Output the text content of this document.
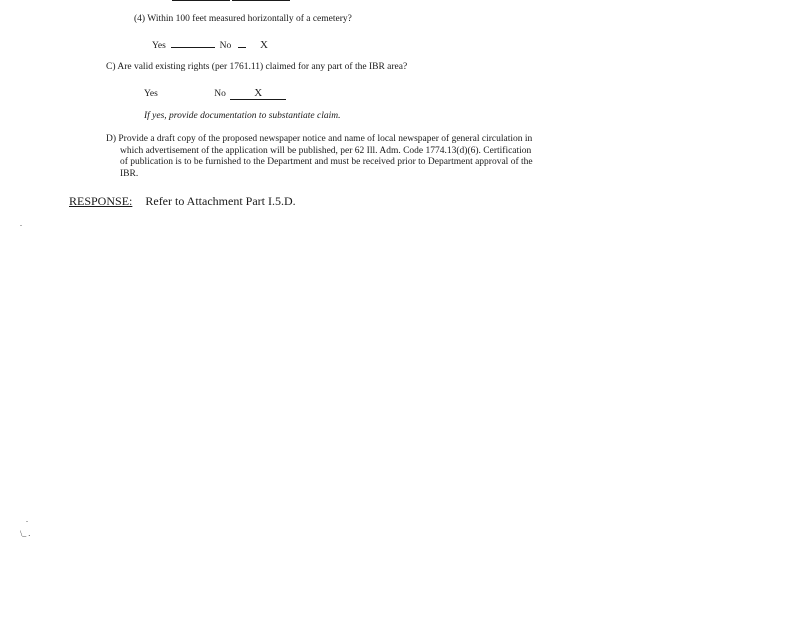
(4) Within 100 feet measured horizontally of a cemetery?
Yes	No	X
C) Are valid existing rights (per 1761.11) claimed for any part of the IBR area?
Yes	No	X
If yes, provide documentation to substantiate claim.
D) Provide a draft copy of the proposed newspaper notice and name of local newspaper of general circulation in
which advertisement of the application will be published, per 62 Ill. Adm. Code 1774.13(d)(6). Certification
of publication is to be furnished to the Department and must be received prior to Department approval of the
IBR.
RESPONSE: Refer to Attachment Part I.5.D.
.
.
\_ .
